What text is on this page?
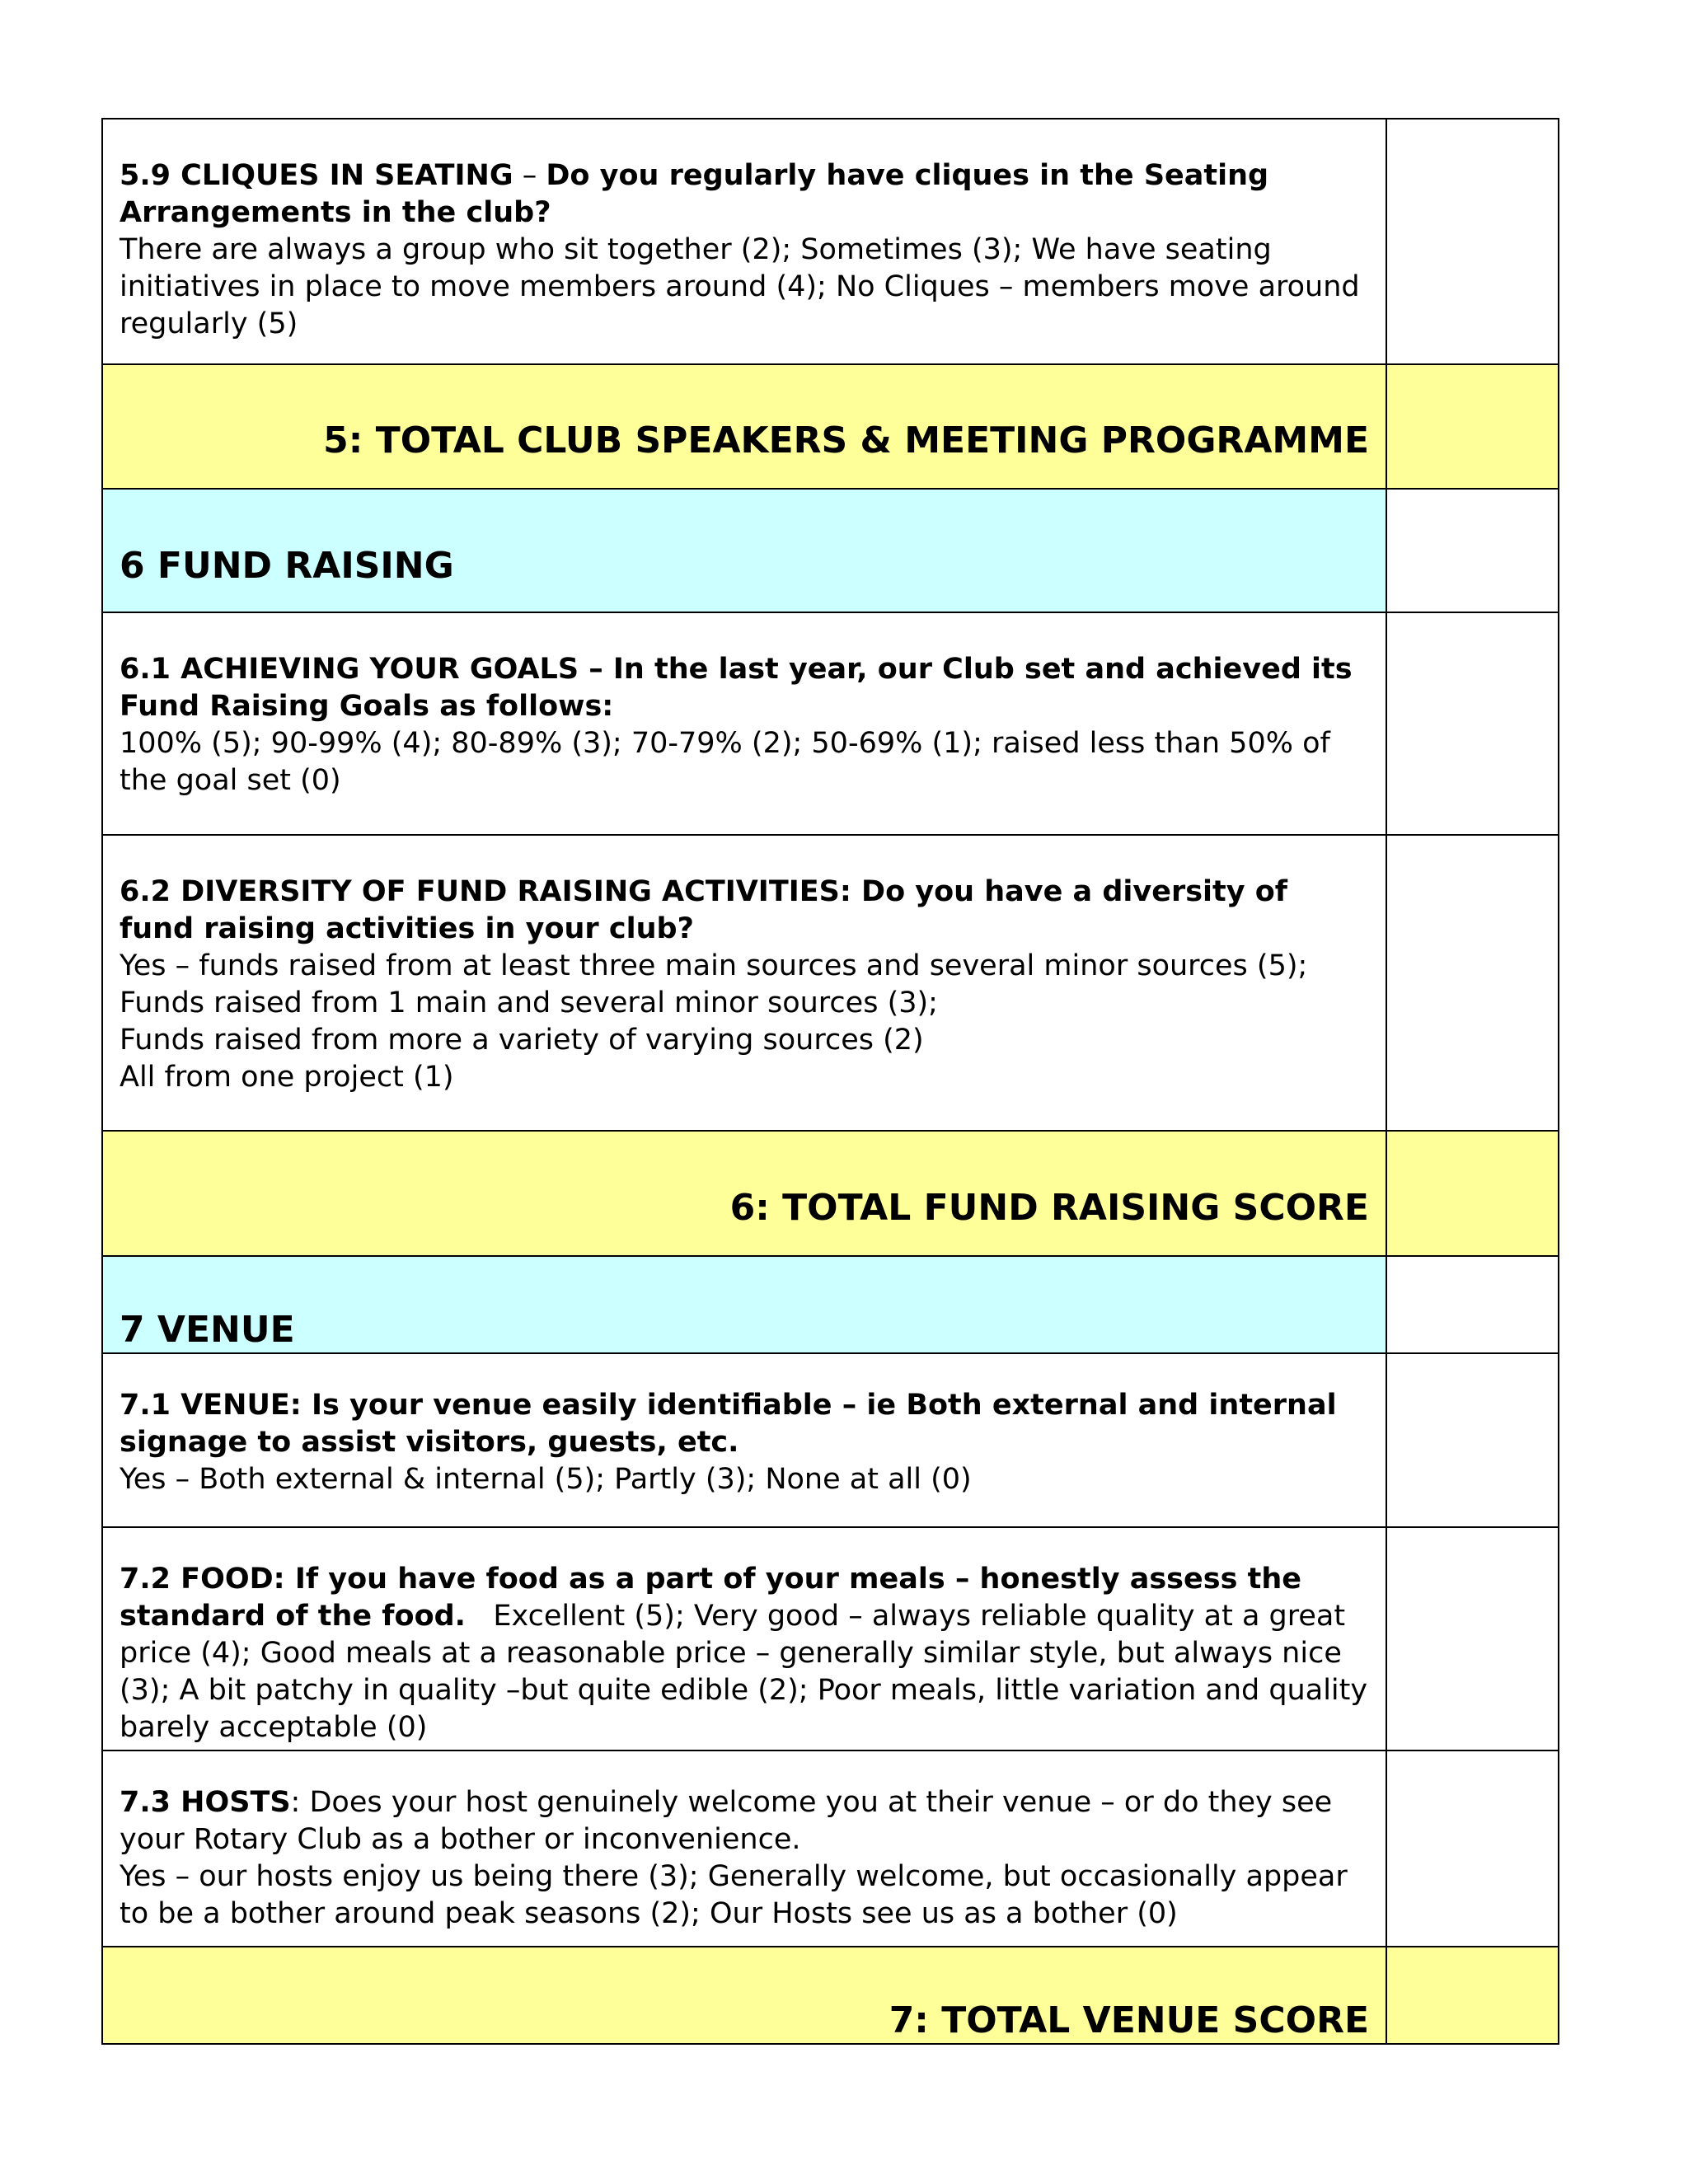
5.9 CLIQUES IN SEATING – Do you regularly have cliques in the Seating Arrangements in the club?
There are always a group who sit together (2); Sometimes (3); We have seating initiatives in place to move members around (4); No Cliques – members move around regularly (5)	
5: TOTAL CLUB SPEAKERS & MEETING PROGRAMME	
6 FUND RAISING	
6.1 ACHIEVING YOUR GOALS – In the last year, our Club set and achieved its Fund Raising Goals as follows:
100% (5); 90-99% (4); 80-89% (3); 70-79% (2); 50-69% (1); raised less than 50% of the goal set (0)	
6.2 DIVERSITY OF FUND RAISING ACTIVITIES: Do you have a diversity of fund raising activities in your club?
Yes – funds raised from at least three main sources and several minor sources (5);
Funds raised from 1 main and several minor sources (3);
Funds raised from more a variety of varying sources (2)
All from one project (1)	
6: TOTAL FUND RAISING SCORE	
7 VENUE	
7.1 VENUE: Is your venue easily identifiable – ie Both external and internal signage to assist visitors, guests, etc.
Yes – Both external & internal (5); Partly (3); None at all (0)	
7.2 FOOD: If you have food as a part of your meals – honestly assess the standard of the food. Excellent (5); Very good – always reliable quality at a great price (4); Good meals at a reasonable price – generally similar style, but always nice (3); A bit patchy in quality –but quite edible (2); Poor meals, little variation and quality barely acceptable (0)	
7.3 HOSTS: Does your host genuinely welcome you at their venue – or do they see your Rotary Club as a bother or inconvenience.
Yes – our hosts enjoy us being there (3); Generally welcome, but occasionally appear to be a bother around peak seasons (2); Our Hosts see us as a bother (0)	
7: TOTAL VENUE SCORE	
